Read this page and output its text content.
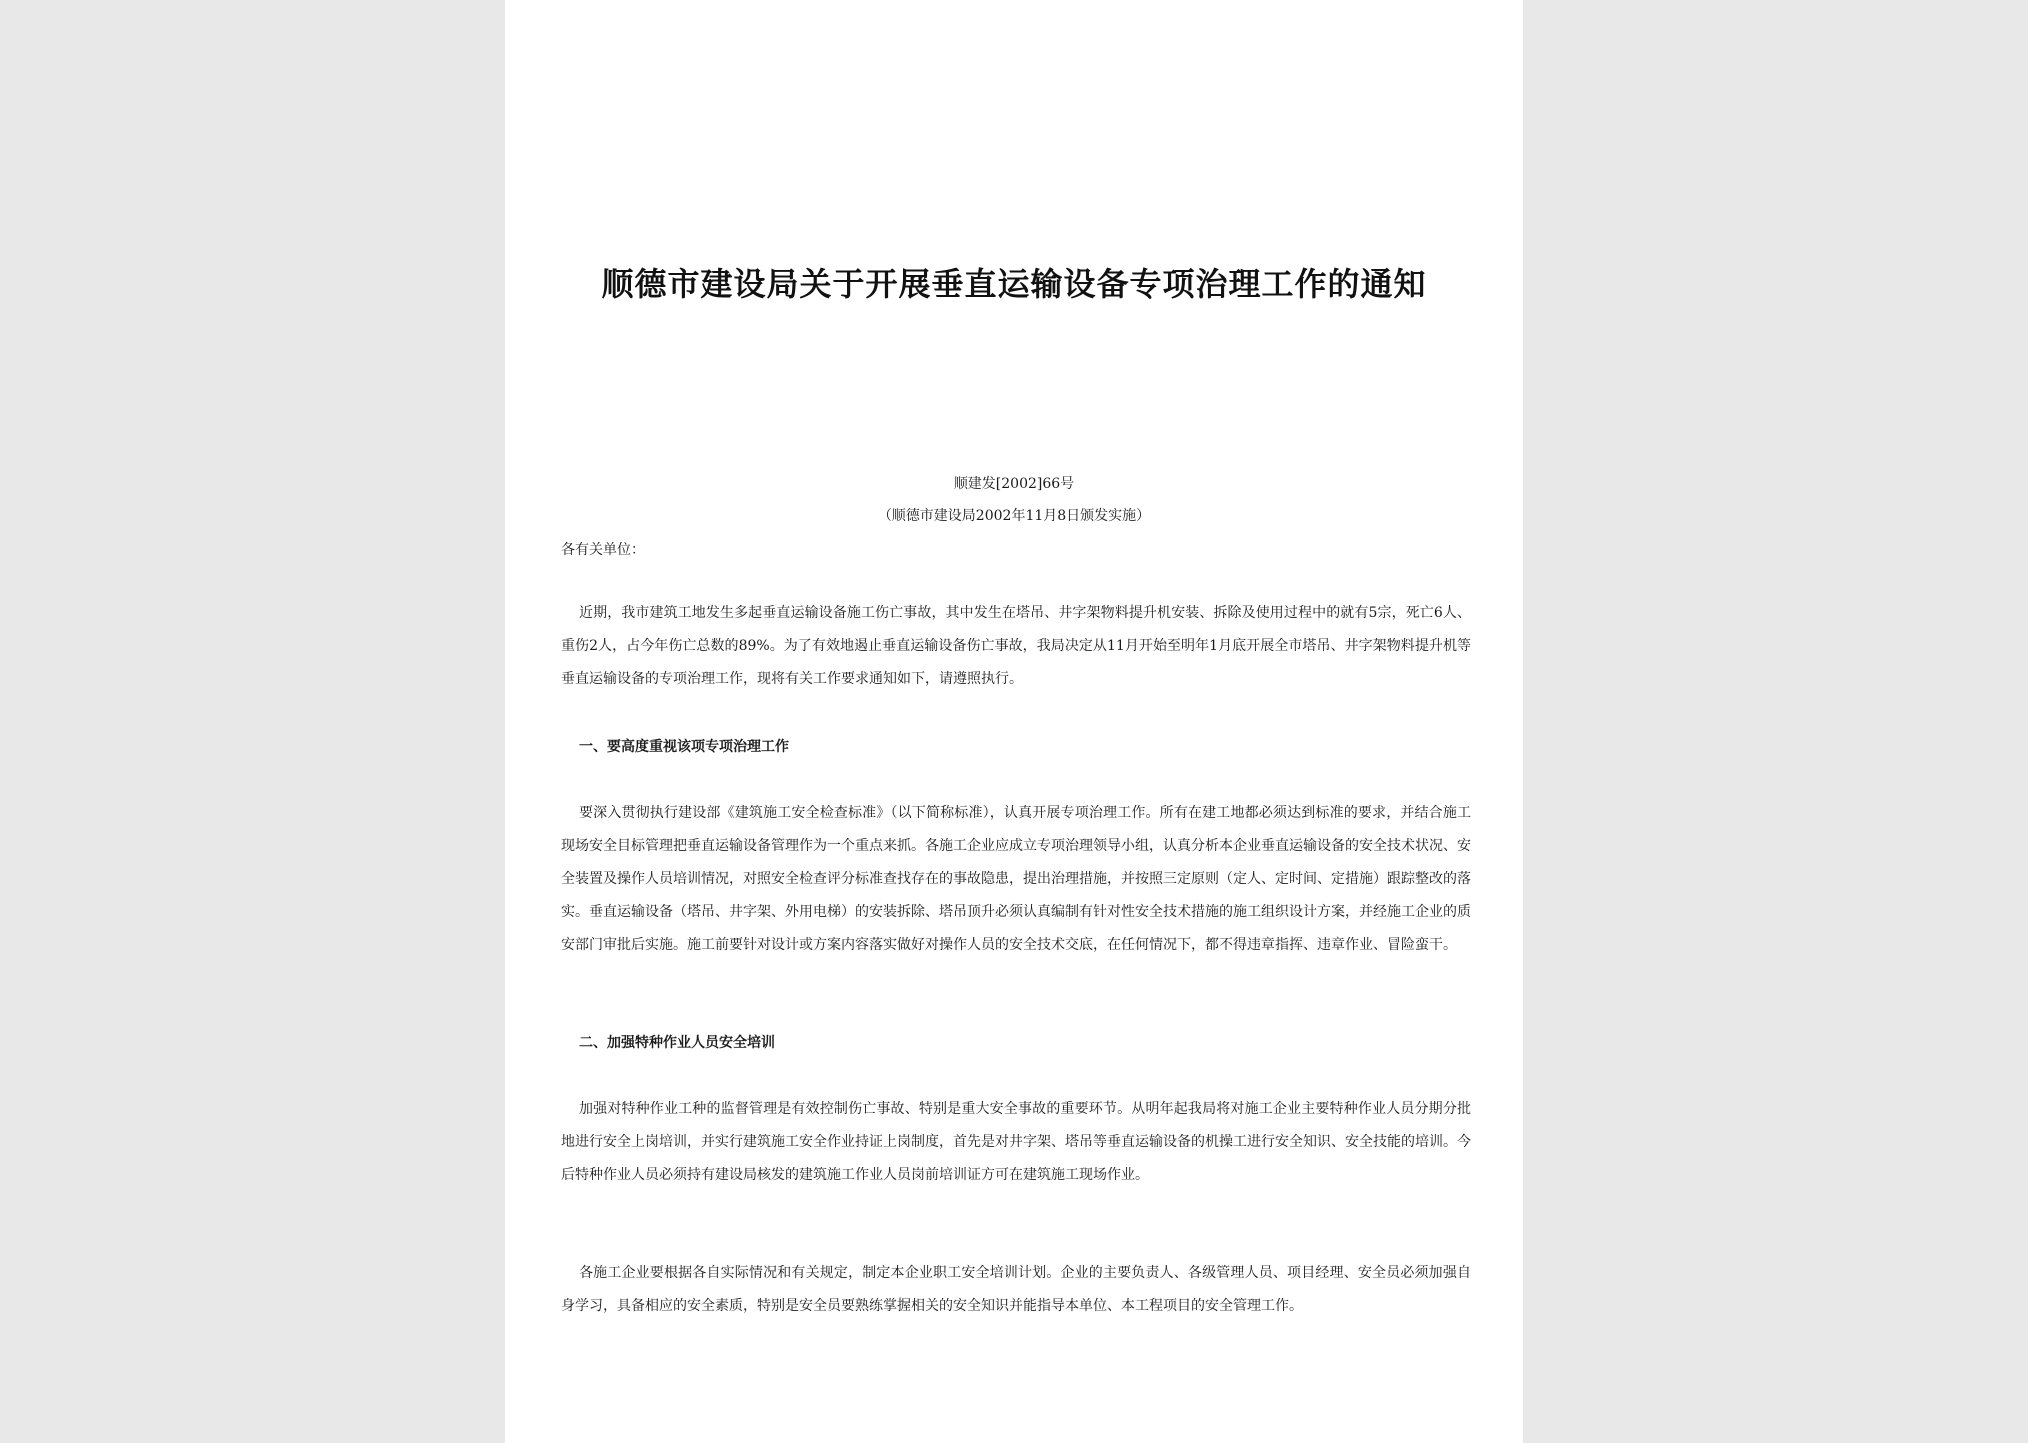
顺德市建设局关于开展垂直运输设备专项治理工作的通知
顺建发[2002]66号
（顺德市建设局2002年11月8日颁发实施）
各有关单位：

近期，我市建筑工地发生多起垂直运输设备施工伤亡事故，其中发生在塔吊、井字架物料提升机安装、拆除及使用过程中的就有5宗，死亡6人、重伤2人，占今年伤亡总数的89%。为了有效地遏止垂直运输设备伤亡事故，我局决定从11月开始至明年1月底开展全市塔吊、井字架物料提升机等垂直运输设备的专项治理工作，现将有关工作要求通知如下，请遵照执行。

一、要高度重视该项专项治理工作

要深入贯彻执行建设部《建筑施工安全检查标准》（以下简称标准），认真开展专项治理工作。所有在建工地都必须达到标准的要求，并结合施工现场安全目标管理把垂直运输设备管理作为一个重点来抓。各施工企业应成立专项治理领导小组，认真分析本企业垂直运输设备的安全技术状况、安全装置及操作人员培训情况，对照安全检查评分标准查找存在的事故隐患，提出治理措施，并按照三定原则（定人、定时间、定措施）跟踪整改的落实。垂直运输设备（塔吊、井字架、外用电梯）的安装拆除、塔吊顶升必须认真编制有针对性安全技术措施的施工组织设计方案，并经施工企业的质安部门审批后实施。施工前要针对设计或方案内容落实做好对操作人员的安全技术交底，在任何情况下，都不得违章指挥、违章作业、冒险蛮干。

二、加强特种作业人员安全培训

加强对特种作业工种的监督管理是有效控制伤亡事故、特别是重大安全事故的重要环节。从明年起我局将对施工企业主要特种作业人员分期分批地进行安全上岗培训，并实行建筑施工安全作业持证上岗制度，首先是对井字架、塔吊等垂直运输设备的机操工进行安全知识、安全技能的培训。今后特种作业人员必须持有建设局核发的建筑施工作业人员岗前培训证方可在建筑施工现场作业。

各施工企业要根据各自实际情况和有关规定，制定本企业职工安全培训计划。企业的主要负责人、各级管理人员、项目经理、安全员必须加强自身学习，具备相应的安全素质，特别是安全员要熟练掌握相关的安全知识并能指导本单位、本工程项目的安全管理工作。
